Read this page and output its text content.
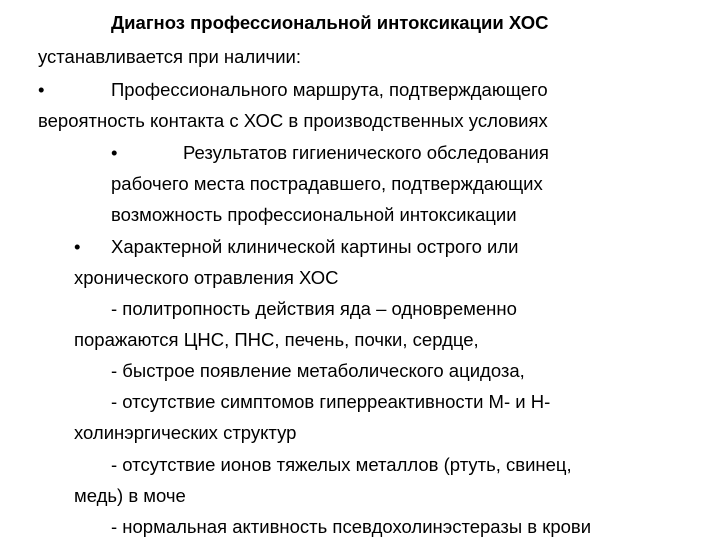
Диагноз профессиональной интоксикации ХОС
устанавливается при наличии:
•	Профессионального маршрута, подтверждающего
вероятность контакта с ХОС в производственных условиях
•	Результатов гигиенического обследования
рабочего места пострадавшего, подтверждающих
возможность профессиональной интоксикации
• Характерной клинической картины острого или
хронического отравления ХОС
- политропность действия яда – одновременно
поражаются ЦНС, ПНС, печень, почки, сердце,
- быстрое появление метаболического ацидоза,
- отсутствие симптомов гиперреактивности М- и Н-
холинэргических структур
- отсутствие ионов тяжелых металлов (ртуть, свинец,
медь) в моче
- нормальная активность псевдохолинэстеразы в крови
